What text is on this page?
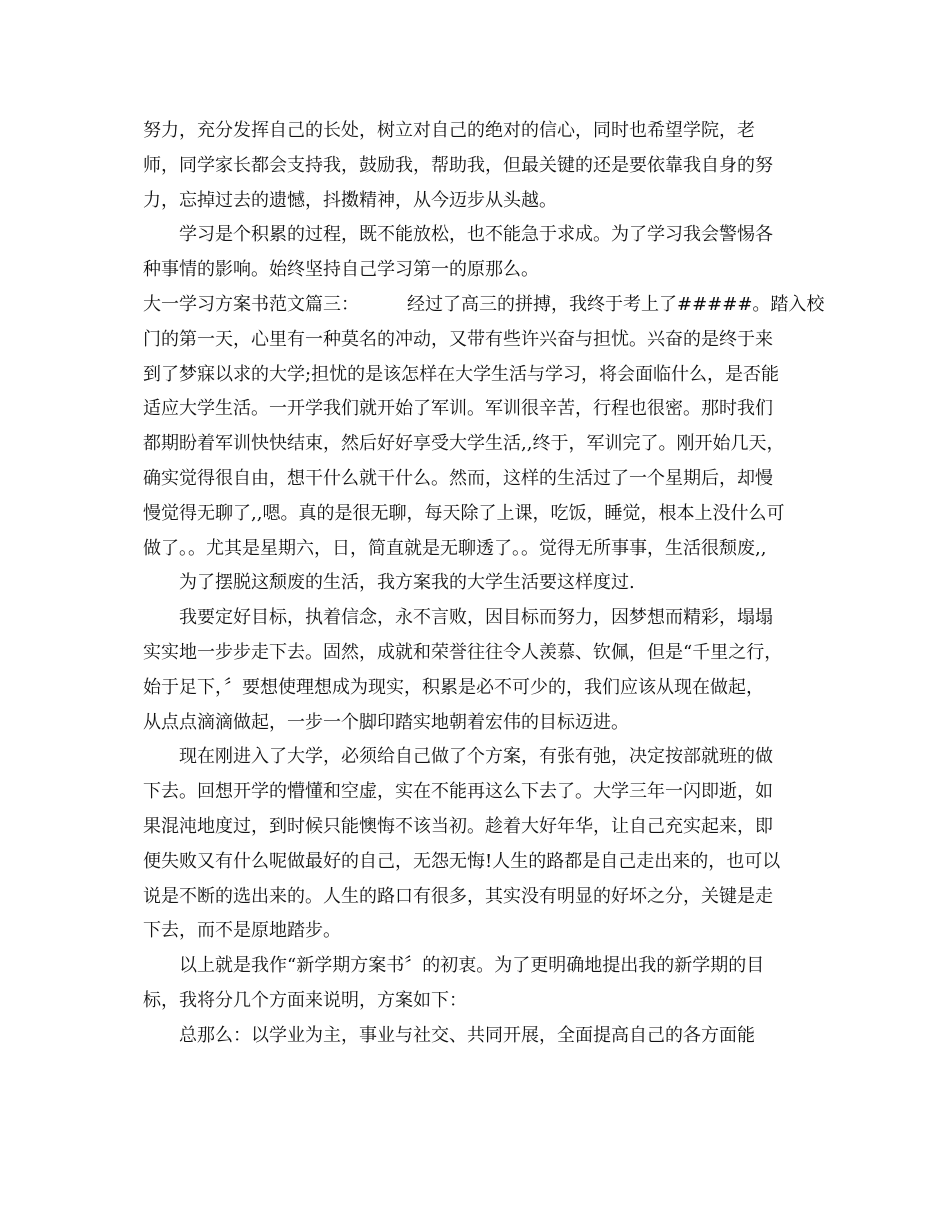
努力，充分发挥自己的长处，树立对自己的绝对的信心，同时也希望学院，老
师，同学家长都会支持我，鼓励我，帮助我，但最关键的还是要依靠我自身的努
力，忘掉过去的遗憾，抖擞精神，从今迈步从头越。
学习是个积累的过程，既不能放松，也不能急于求成。为了学习我会警惕各
种事情的影响。始终坚持自己学习第一的原那么。
大一学习方案书范文篇三：	经过了高三的拼搏，我终于考上了#####。踏入校
门的第一天，心里有一种莫名的冲动，又带有些许兴奋与担忧。兴奋的是终于来
到了梦寐以求的大学;担忧的是该怎样在大学生活与学习，将会面临什么，是否能
适应大学生活。一开学我们就开始了军训。军训很辛苦，行程也很密。那时我们
都期盼着军训快快结束，然后好好享受大学生活,,终于，军训完了。刚开始几天，
确实觉得很自由，想干什么就干什么。然而，这样的生活过了一个星期后，却慢
慢觉得无聊了,,嗯。真的是很无聊，每天除了上课，吃饭，睡觉，根本上没什么可
做了。。尤其是星期六，日，简直就是无聊透了。。觉得无所事事，生活很颓废,,
为了摆脱这颓废的生活，我方案我的大学生活要这样度过.
我要定好目标，执着信念，永不言败，因目标而努力，因梦想而精彩，塌塌
实实地一步步走下去。固然，成就和荣誉往往令人羡慕、钦佩，但是“千里之行，
始于足下，〞要想使理想成为现实，积累是必不可少的，我们应该从现在做起，
从点点滴滴做起，一步一个脚印踏实地朝着宏伟的目标迈进。
现在刚进入了大学，必须给自己做了个方案，有张有弛，决定按部就班的做
下去。回想开学的懵懂和空虚，实在不能再这么下去了。大学三年一闪即逝，如
果混沌地度过，到时候只能懊悔不该当初。趁着大好年华，让自己充实起来，即
便失败又有什么呢做最好的自己，无怨无悔!人生的路都是自己走出来的，也可以
说是不断的选出来的。人生的路口有很多，其实没有明显的好坏之分，关键是走
下去，而不是原地踏步。
以上就是我作“新学期方案书〞的初衷。为了更明确地提出我的新学期的目
标，我将分几个方面来说明，方案如下：
总那么：以学业为主，事业与社交、共同开展，全面提高自己的各方面能
